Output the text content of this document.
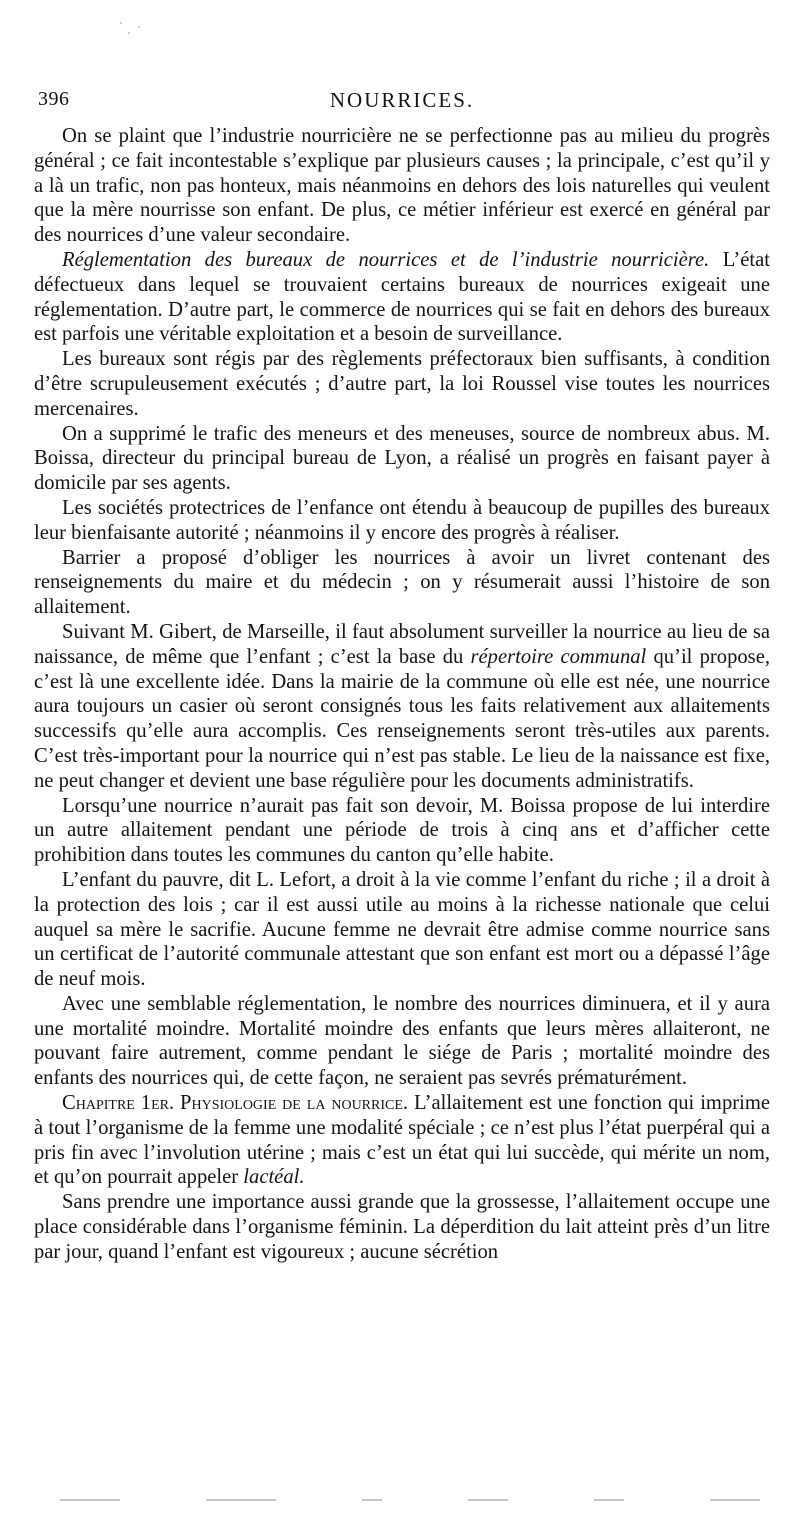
396	NOURRICES.

On se plaint que l’industrie nourricière ne se perfectionne pas au milieu du progrès général ; ce fait incontestable s’explique par plusieurs causes ; la principale, c’est qu’il y a là un trafic, non pas honteux, mais néanmoins en dehors des lois naturelles qui veulent que la mère nourrisse son enfant. De plus, ce métier inférieur est exercé en général par des nourrices d’une valeur secondaire.

Réglementation des bureaux de nourrices et de l’industrie nourricière. L’état défectueux dans lequel se trouvaient certains bureaux de nourrices exigeait une réglementation. D’autre part, le commerce de nourrices qui se fait en dehors des bureaux est parfois une véritable exploitation et a besoin de surveillance.

Les bureaux sont régis par des règlements préfectoraux bien suffisants, à condition d’être scrupuleusement exécutés ; d’autre part, la loi Roussel vise toutes les nourrices mercenaires.

On a supprimé le trafic des meneurs et des meneuses, source de nombreux abus. M. Boissa, directeur du principal bureau de Lyon, a réalisé un progrès en faisant payer à domicile par ses agents.

Les sociétés protectrices de l’enfance ont étendu à beaucoup de pupilles des bureaux leur bienfaisante autorité ; néanmoins il y encore des progrès à réaliser.

Barrier a proposé d’obliger les nourrices à avoir un livret contenant des renseignements du maire et du médecin ; on y résumerait aussi l’histoire de son allaitement.

Suivant M. Gibert, de Marseille, il faut absolument surveiller la nourrice au lieu de sa naissance, de même que l’enfant ; c’est la base du répertoire communal qu’il propose, c’est là une excellente idée. Dans la mairie de la commune où elle est née, une nourrice aura toujours un casier où seront consignés tous les faits relativement aux allaitements successifs qu’elle aura accomplis. Ces renseignements seront très-utiles aux parents. C’est très-important pour la nourrice qui n’est pas stable. Le lieu de la naissance est fixe, ne peut changer et devient une base régulière pour les documents administratifs.

Lorsqu’une nourrice n’aurait pas fait son devoir, M. Boissa propose de lui interdire un autre allaitement pendant une période de trois à cinq ans et d’afficher cette prohibition dans toutes les communes du canton qu’elle habite.

L’enfant du pauvre, dit L. Lefort, a droit à la vie comme l’enfant du riche ; il a droit à la protection des lois ; car il est aussi utile au moins à la richesse nationale que celui auquel sa mère le sacrifie. Aucune femme ne devrait être admise comme nourrice sans un certificat de l’autorité communale attestant que son enfant est mort ou a dépassé l’âge de neuf mois.

Avec une semblable réglementation, le nombre des nourrices diminuera, et il y aura une mortalité moindre. Mortalité moindre des enfants que leurs mères allaiteront, ne pouvant faire autrement, comme pendant le siége de Paris ; mortalité moindre des enfants des nourrices qui, de cette façon, ne seraient pas sevrés prématurément.

Chapitre 1er. Physiologie de la nourrice. L’allaitement est une fonction qui imprime à tout l’organisme de la femme une modalité spéciale ; ce n’est plus l’état puerpéral qui a pris fin avec l’involution utérine ; mais c’est un état qui lui succède, qui mérite un nom, et qu’on pourrait appeler lactéal.

Sans prendre une importance aussi grande que la grossesse, l’allaitement occupe une place considérable dans l’organisme féminin. La déperdition du lait atteint près d’un litre par jour, quand l’enfant est vigoureux ; aucune sécrétion
